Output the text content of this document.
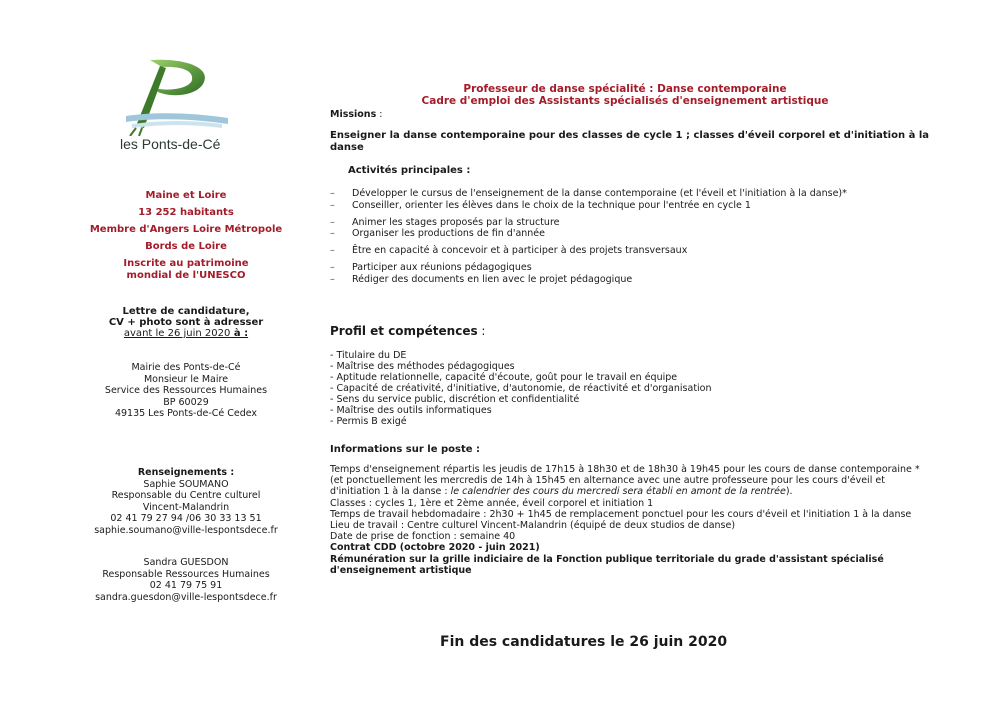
les Ponts-de-Cé
Maine et Loire
13 252 habitants
Membre d'Angers Loire Métropole
Bords de Loire
Inscrite au patrimoine
mondial de l'UNESCO
Lettre de candidature,
CV + photo sont à adresser
avant le 26 juin 2020 à :
Mairie des Ponts-de-Cé
Monsieur le Maire
Service des Ressources Humaines
BP 60029
49135 Les Ponts-de-Cé Cedex
Renseignements :
Saphie SOUMANO
Responsable du Centre culturel
Vincent-Malandrin
02 41 79 27 94 /06 30 33 13 51
saphie.soumano@ville-lespontsdece.fr
Sandra GUESDON
Responsable Ressources Humaines
02 41 79 75 91
sandra.guesdon@ville-lespontsdece.fr
Professeur de danse spécialité : Danse contemporaine
Cadre d'emploi des Assistants spécialisés d'enseignement artistique
Missions :
Enseigner la danse contemporaine pour des classes de cycle 1 ; classes d'éveil corporel et d'initiation à la danse
Activités principales :
–	Développer le cursus de l'enseignement de la danse contemporaine (et l'éveil et l'initiation à la danse)*
–	Conseiller, orienter les élèves dans le choix de la technique pour l'entrée en cycle 1
–	Animer les stages proposés par la structure
–	Organiser les productions de fin d'année
–	Être en capacité à concevoir et à participer à des projets transversaux
–	Participer aux réunions pédagogiques
–	Rédiger des documents en lien avec le projet pédagogique
Profil et compétences :
- Titulaire du DE
- Maîtrise des méthodes pédagogiques
- Aptitude relationnelle, capacité d'écoute, goût pour le travail en équipe
- Capacité de créativité, d'initiative, d'autonomie, de réactivité et d'organisation
- Sens du service public, discrétion et confidentialité
- Maîtrise des outils informatiques
- Permis B exigé
Informations sur le poste :
Temps d'enseignement répartis les jeudis de 17h15 à 18h30 et de 18h30 à 19h45 pour les cours de danse contemporaine *(et ponctuellement les mercredis de 14h à 15h45 en alternance avec une autre professeure pour les cours d'éveil et d'initiation 1 à la danse : le calendrier des cours du mercredi sera établi en amont de la rentrée).
Classes : cycles 1, 1ère et 2ème année, éveil corporel et initiation 1
Temps de travail hebdomadaire : 2h30 + 1h45 de remplacement ponctuel pour les cours d'éveil et l'initiation 1 à la danse
Lieu de travail : Centre culturel Vincent-Malandrin (équipé de deux studios de danse)
Date de prise de fonction : semaine 40
Contrat CDD (octobre 2020 - juin 2021)
Rémunération sur la grille indiciaire de la Fonction publique territoriale du grade d'assistant spécialisé d'enseignement artistique
Fin des candidatures le 26 juin 2020
